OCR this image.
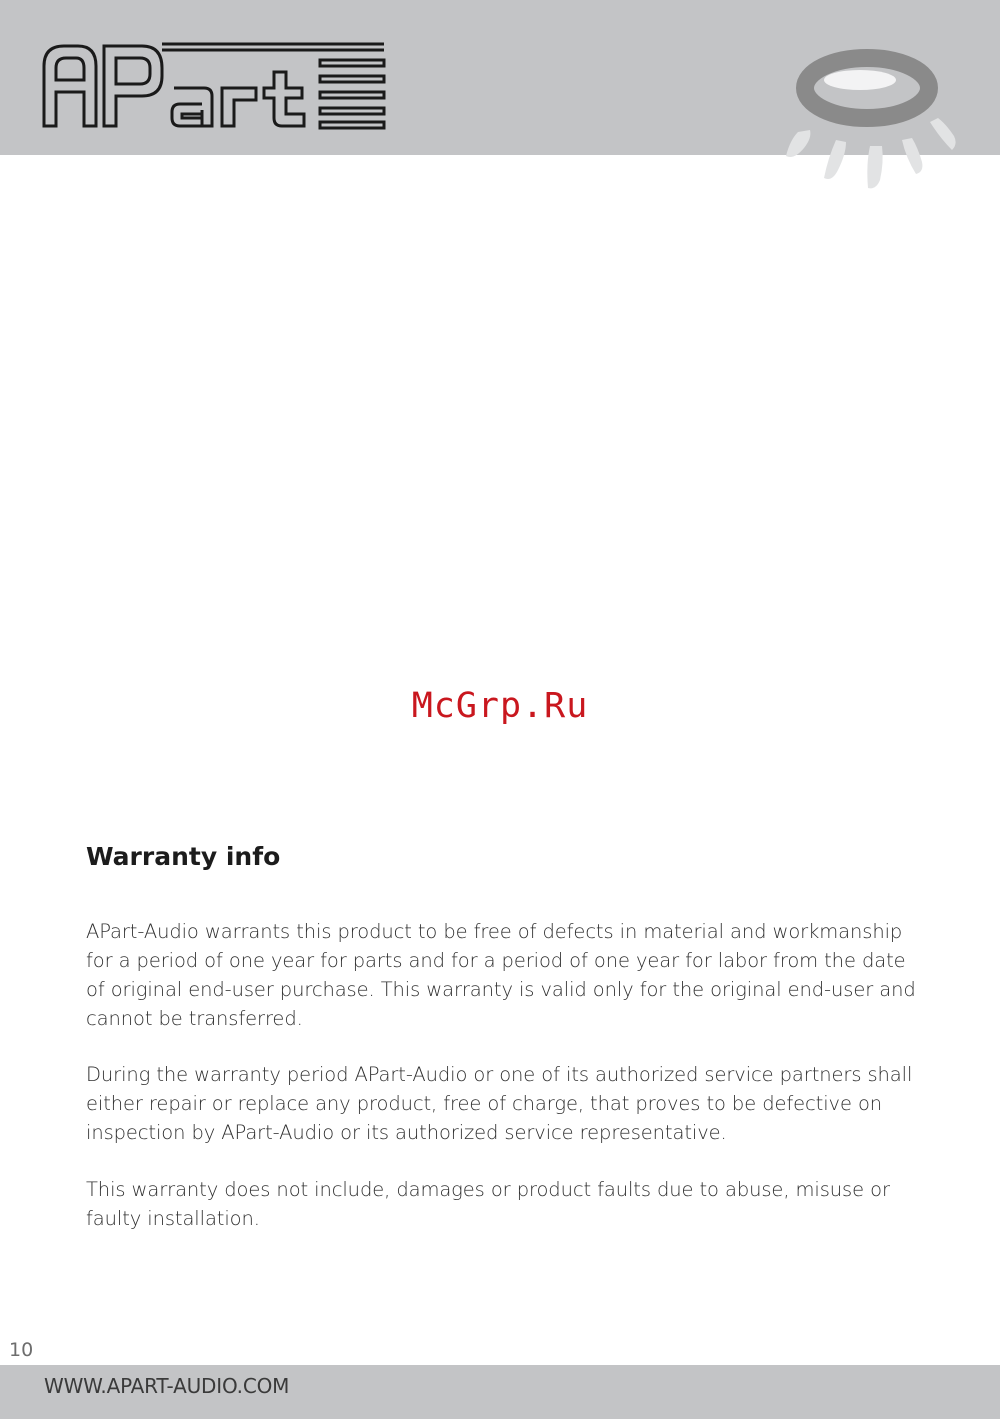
McGrp.Ru
Warranty info

APart-Audio warrants this product to be free of defects in material and workmanship for a period of one year for parts and for a period of one year for labor from the date of original end-user purchase. This warranty is valid only for the original end-user and cannot be transferred.

During the warranty period APart-Audio or one of its authorized service partners shall either repair or replace any product, free of charge, that proves to be defective on inspection by APart-Audio or its authorized service representative.

This warranty does not include, damages or product faults due to abuse, misuse or faulty installation.

10
WWW.APART-AUDIO.COM
